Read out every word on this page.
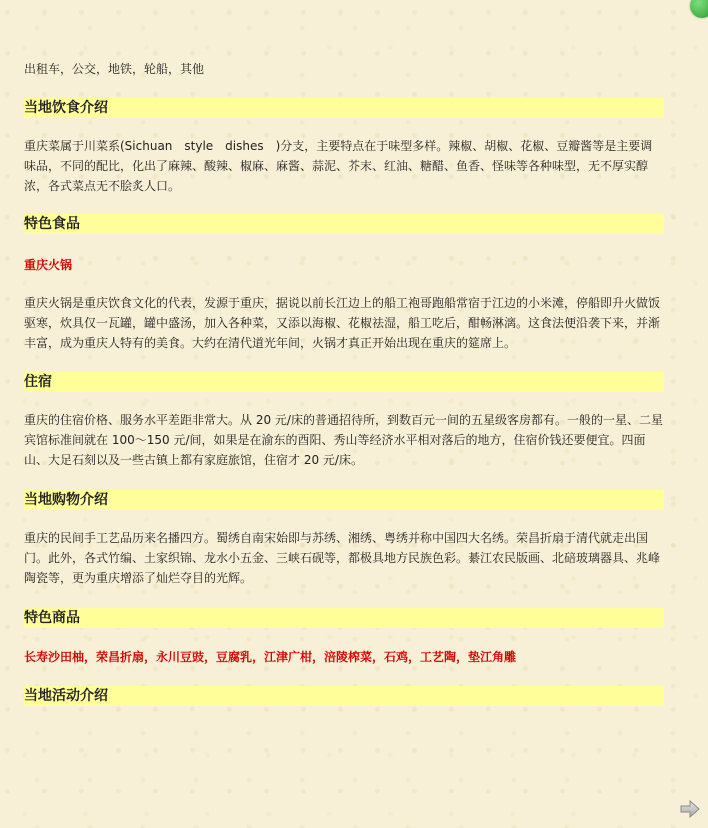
出租车，公交，地铁，轮船，其他
当地饮食介绍
重庆菜属于川菜系(Sichuan　style　dishes　)分支，主要特点在于味型多样。辣椒、胡椒、花椒、豆瓣酱等是主要调味品，不同的配比，化出了麻辣、酸辣、椒麻、麻酱、蒜泥、芥末、红油、糖醋、鱼香、怪味等各种味型，无不厚实醇浓，各式菜点无不脍炙人口。
特色食品
重庆火锅
重庆火锅是重庆饮食文化的代表，发源于重庆，据说以前长江边上的船工袍哥跑船常宿于江边的小米滩，停船即升火做饭驱寒，炊具仅一瓦罐，罐中盛汤，加入各种菜，又添以海椒、花椒祛湿，船工吃后，酣畅淋漓。这食法便沿袭下来，并渐丰富，成为重庆人特有的美食。大约在清代道光年间，火锅才真正开始出现在重庆的筵席上。
住宿
重庆的住宿价格、服务水平差距非常大。从 20 元/床的普通招待所，到数百元一间的五星级客房都有。一般的一星、二星宾馆标准间就在 100～150 元/间，如果是在渝东的酉阳、秀山等经济水平相对落后的地方，住宿价钱还要便宜。四面山、大足石刻以及一些古镇上都有家庭旅馆，住宿才 20 元/床。
当地购物介绍
重庆的民间手工艺品历来名播四方。蜀绣自南宋始即与苏绣、湘绣、粤绣并称中国四大名绣。荣昌折扇于清代就走出国门。此外，各式竹编、土家织锦、龙水小五金、三峡石砚等，都极具地方民族色彩。綦江农民版画、北碚玻璃器具、兆峰陶瓷等，更为重庆增添了灿烂夺目的光辉。
特色商品
长寿沙田柚，荣昌折扇，永川豆豉，豆腐乳，江津广柑，涪陵榨菜，石鸡，工艺陶，垫江角雕
当地活动介绍
